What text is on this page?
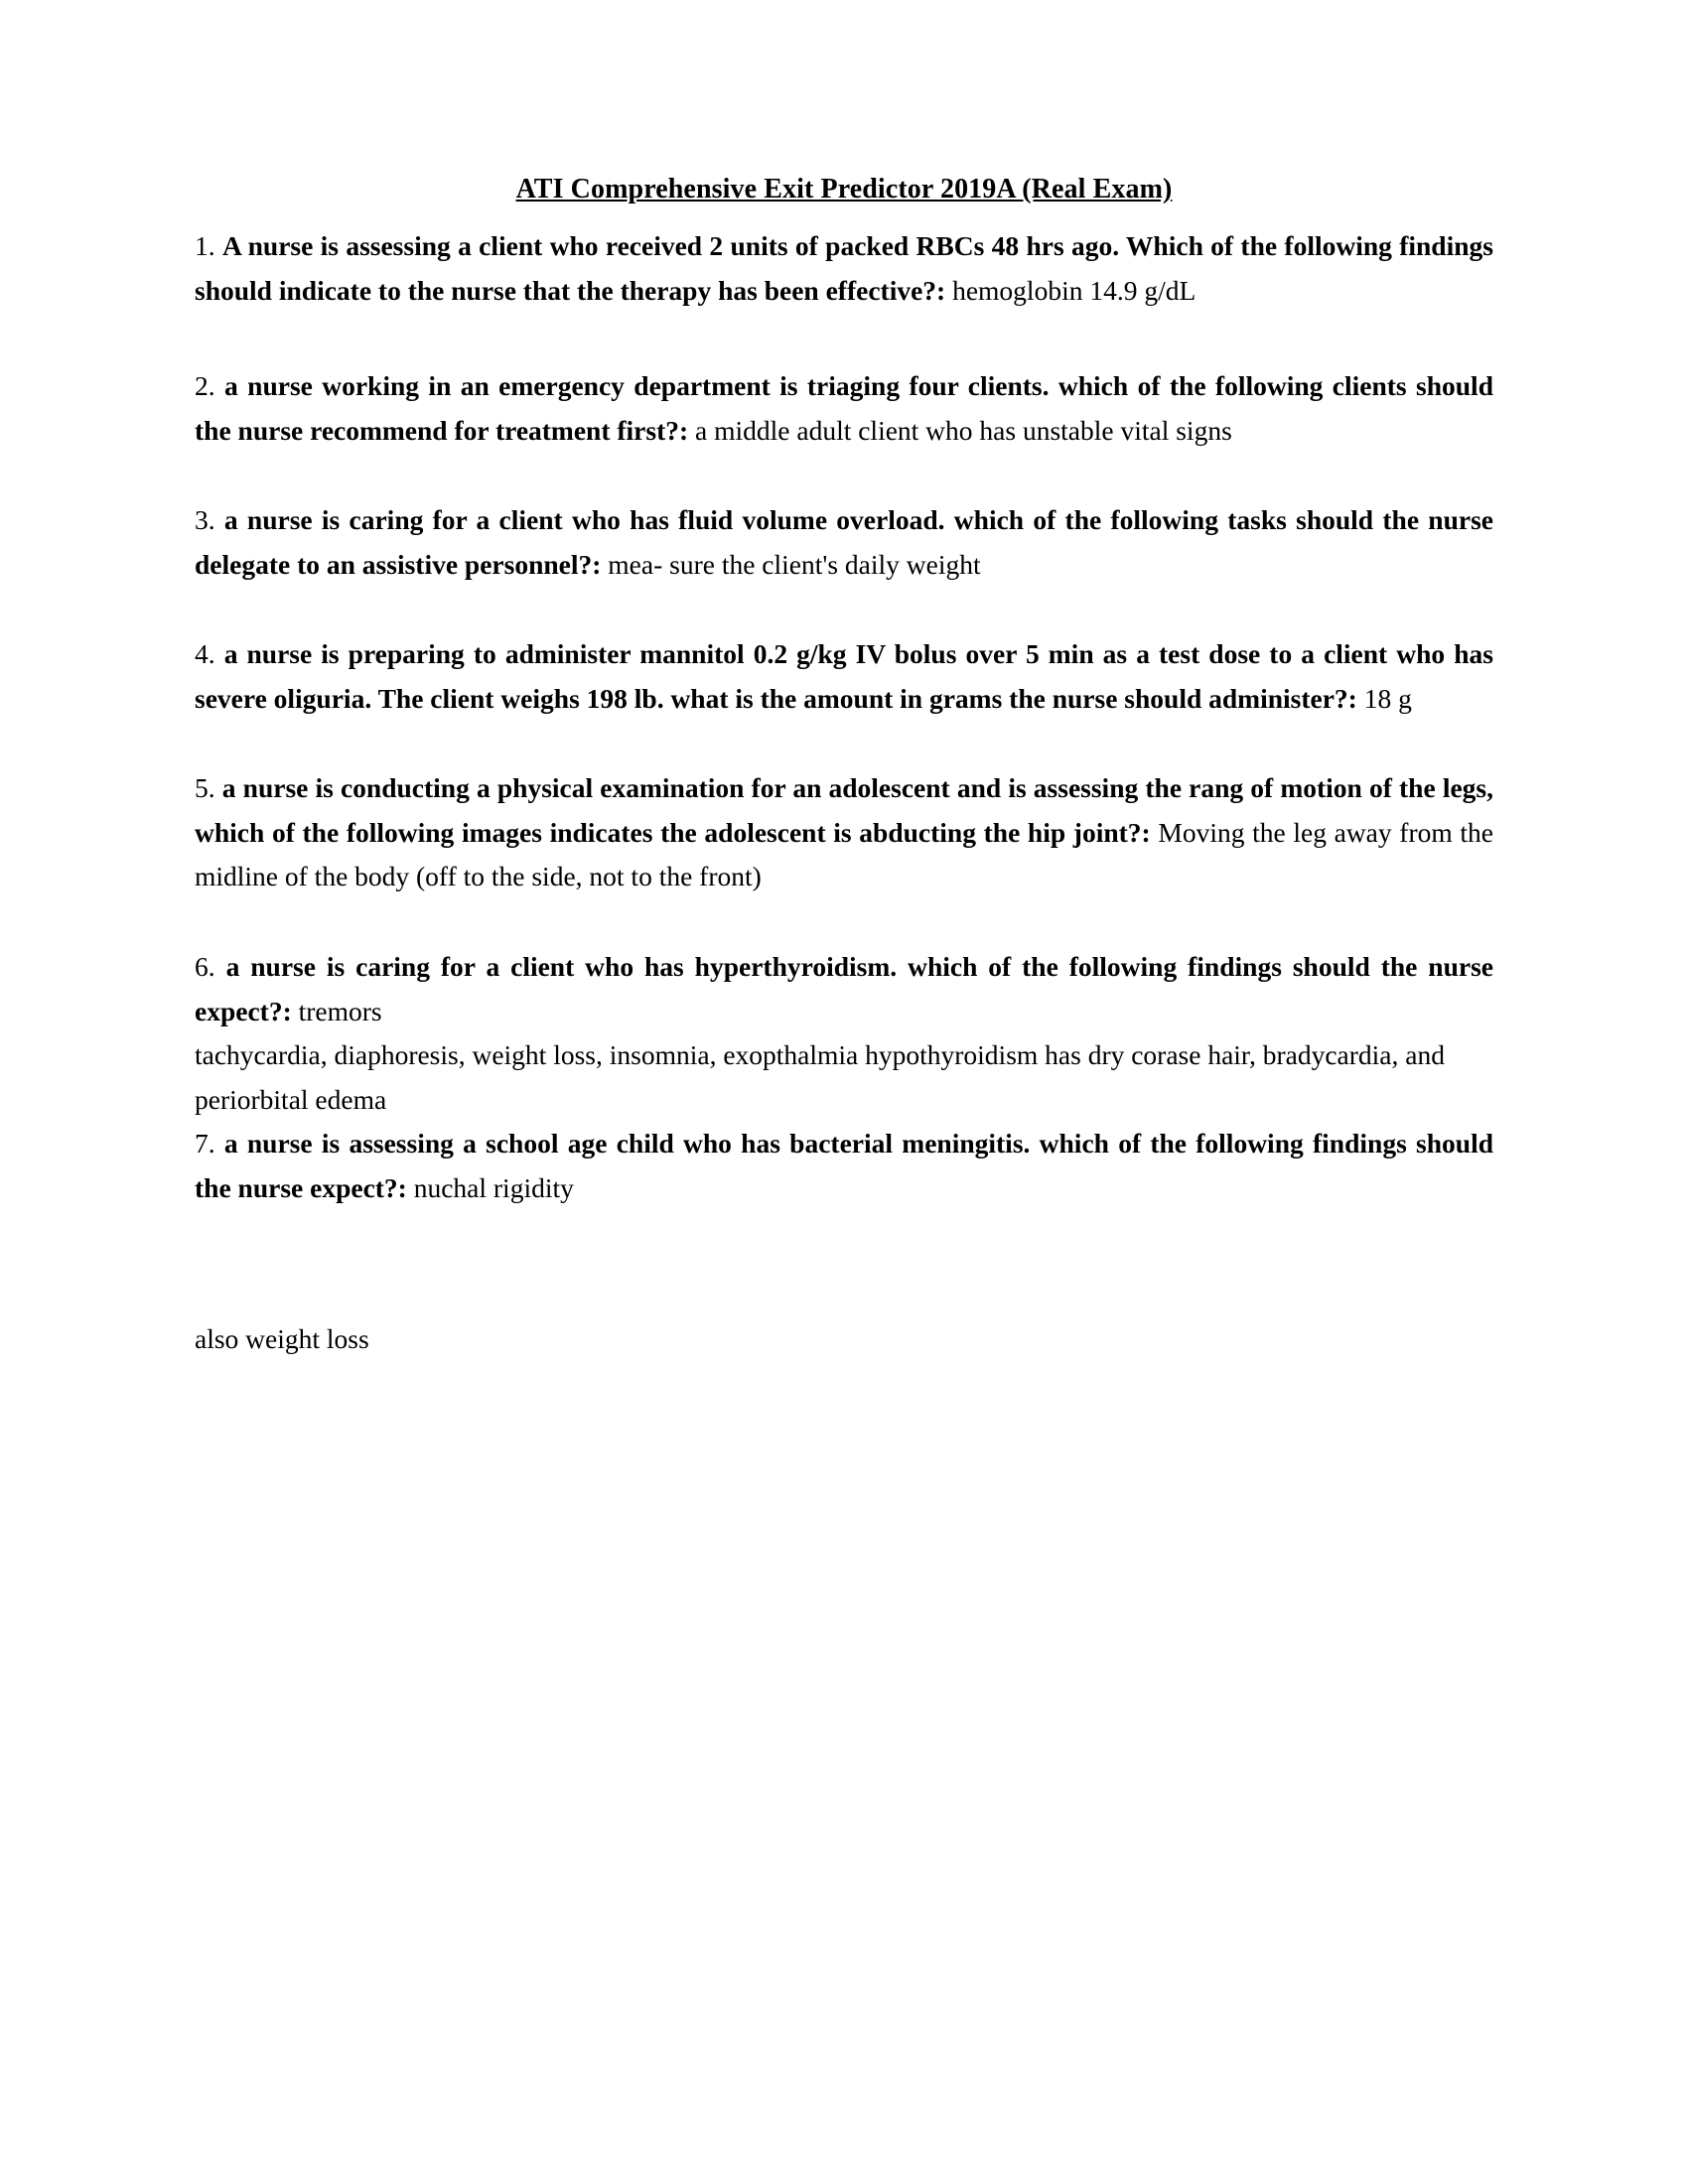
ATI Comprehensive Exit Predictor 2019A (Real Exam)

1. A nurse is assessing a client who received 2 units of packed RBCs 48 hrs ago. Which of the following findings should indicate to the nurse that the therapy has been effective?: hemoglobin 14.9 g/dL

2. a nurse working in an emergency department is triaging four clients. which of the following clients should the nurse recommend for treatment first?: a middle adult client who has unstable vital signs

3. a nurse is caring for a client who has fluid volume overload. which of the following tasks should the nurse delegate to an assistive personnel?: mea- sure the client's daily weight

4. a nurse is preparing to administer mannitol 0.2 g/kg IV bolus over 5 min as a test dose to a client who has severe oliguria. The client weighs 198 lb. what is the amount in grams the nurse should administer?: 18 g

5. a nurse is conducting a physical examination for an adolescent and is assessing the rang of motion of the legs, which of the following images indicates the adolescent is abducting the hip joint?: Moving the leg away from the midline of the body (off to the side, not to the front)

6. a nurse is caring for a client who has hyperthyroidism. which of the following findings should the nurse expect?: tremors

tachycardia, diaphoresis, weight loss, insomnia, exopthalmia hypothyroidism has dry corase hair, bradycardia, and periorbital edema

7. a nurse is assessing a school age child who has bacterial meningitis. which of the following findings should the nurse expect?: nuchal rigidity

also weight loss
